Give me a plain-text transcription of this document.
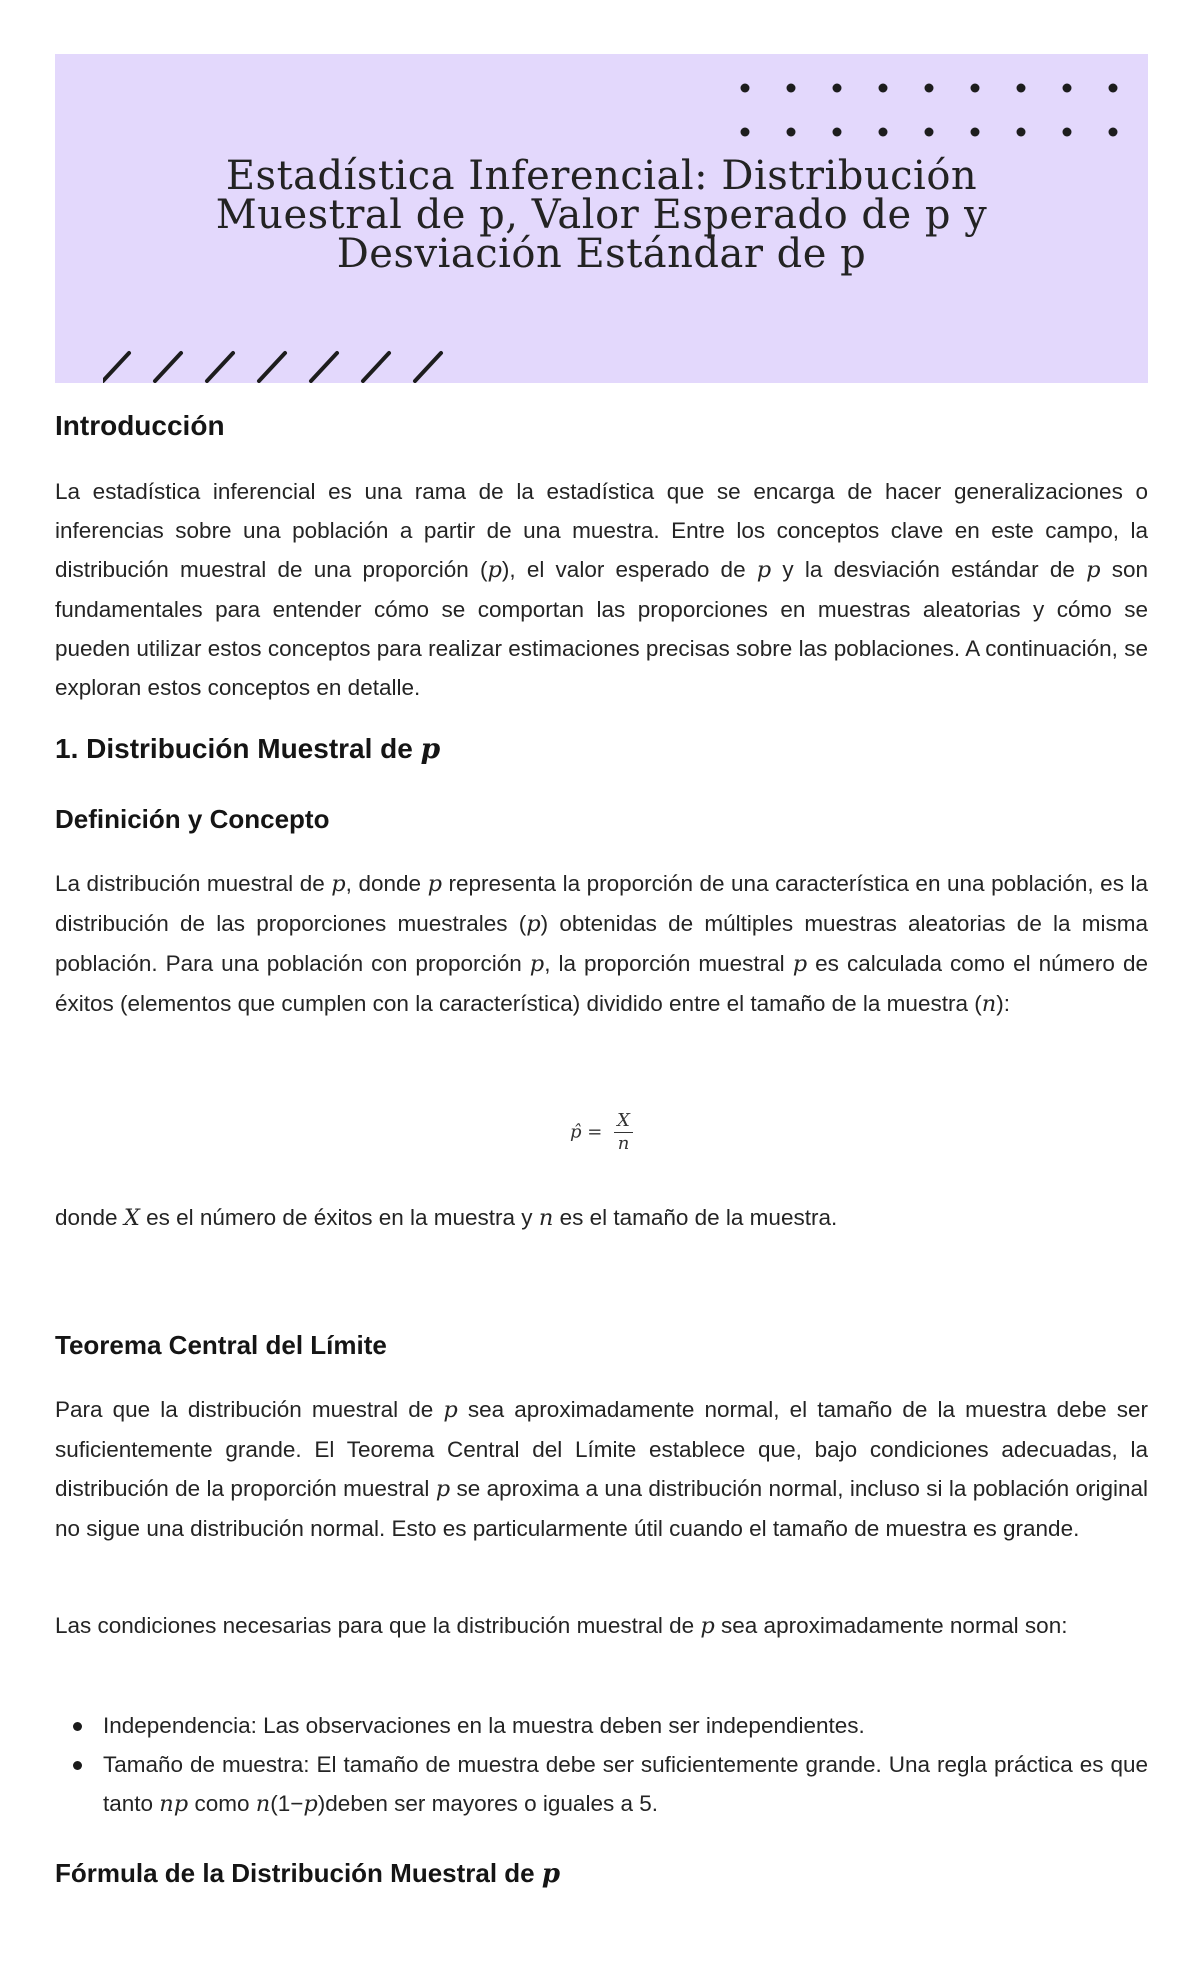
Estadística Inferencial: Distribución
Muestral de p, Valor Esperado de p y
Desviación Estándar de p
Introducción

La estadística inferencial es una rama de la estadística que se encarga de hacer generalizaciones o inferencias sobre una población a partir de una muestra. Entre los conceptos clave en este campo, la distribución muestral de una proporción (p), el valor esperado de p y la desviación estándar de p son fundamentales para entender cómo se comportan las proporciones en muestras aleatorias y cómo se pueden utilizar estos conceptos para realizar estimaciones precisas sobre las poblaciones. A continuación, se exploran estos conceptos en detalle.

1. Distribución Muestral de p
Definición y Concepto

La distribución muestral de p, donde p representa la proporción de una característica en una población, es la distribución de las proporciones muestrales (p) obtenidas de múltiples muestras aleatorias de la misma población. Para una población con proporción p, la proporción muestral p es calculada como el número de éxitos (elementos que cumplen con la característica) dividido entre el tamaño de la muestra (n):

p̂ = $\frac{X}{n}$

donde X es el número de éxitos en la muestra y n es el tamaño de la muestra.

Teorema Central del Límite

Para que la distribución muestral de p sea aproximadamente normal, el tamaño de la muestra debe ser suficientemente grande. El Teorema Central del Límite establece que, bajo condiciones adecuadas, la distribución de la proporción muestral p se aproxima a una distribución normal, incluso si la población original no sigue una distribución normal. Esto es particularmente útil cuando el tamaño de muestra es grande.

Las condiciones necesarias para que la distribución muestral de p sea aproximadamente normal son:

Independencia: Las observaciones en la muestra deben ser independientes.
Tamaño de muestra: El tamaño de muestra debe ser suficientemente grande. Una regla práctica es que tanto np como n(1−p)deben ser mayores o iguales a 5.
Fórmula de la Distribución Muestral de p
